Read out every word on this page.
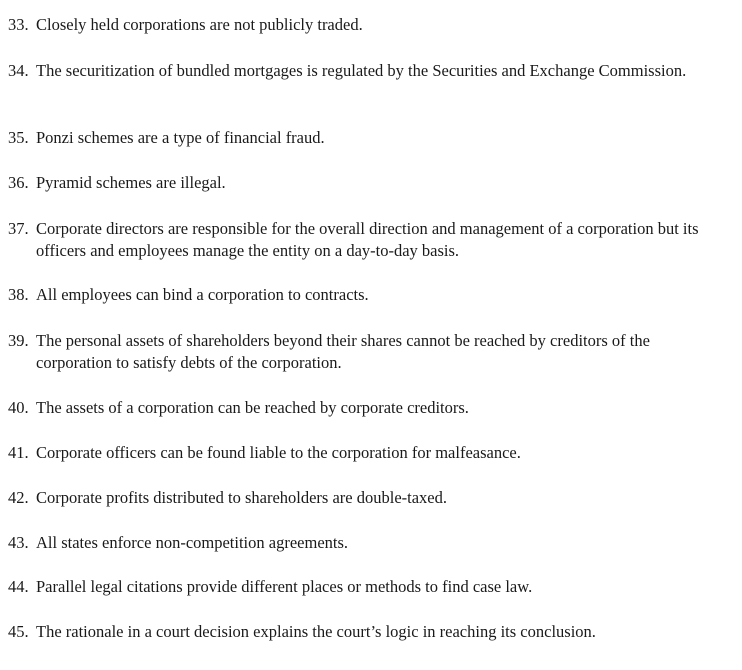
33. Closely held corporations are not publicly traded.
34. The securitization of bundled mortgages is regulated by the Securities and Exchange Commission.
35. Ponzi schemes are a type of financial fraud.
36. Pyramid schemes are illegal.
37. Corporate directors are responsible for the overall direction and management of a corporation but its officers and employees manage the entity on a day-to-day basis.
38. All employees can bind a corporation to contracts.
39. The personal assets of shareholders beyond their shares cannot be reached by creditors of the corporation to satisfy debts of the corporation.
40. The assets of a corporation can be reached by corporate creditors.
41. Corporate officers can be found liable to the corporation for malfeasance.
42. Corporate profits distributed to shareholders are double-taxed.
43. All states enforce non-competition agreements.
44. Parallel legal citations provide different places or methods to find case law.
45. The rationale in a court decision explains the court’s logic in reaching its conclusion.
